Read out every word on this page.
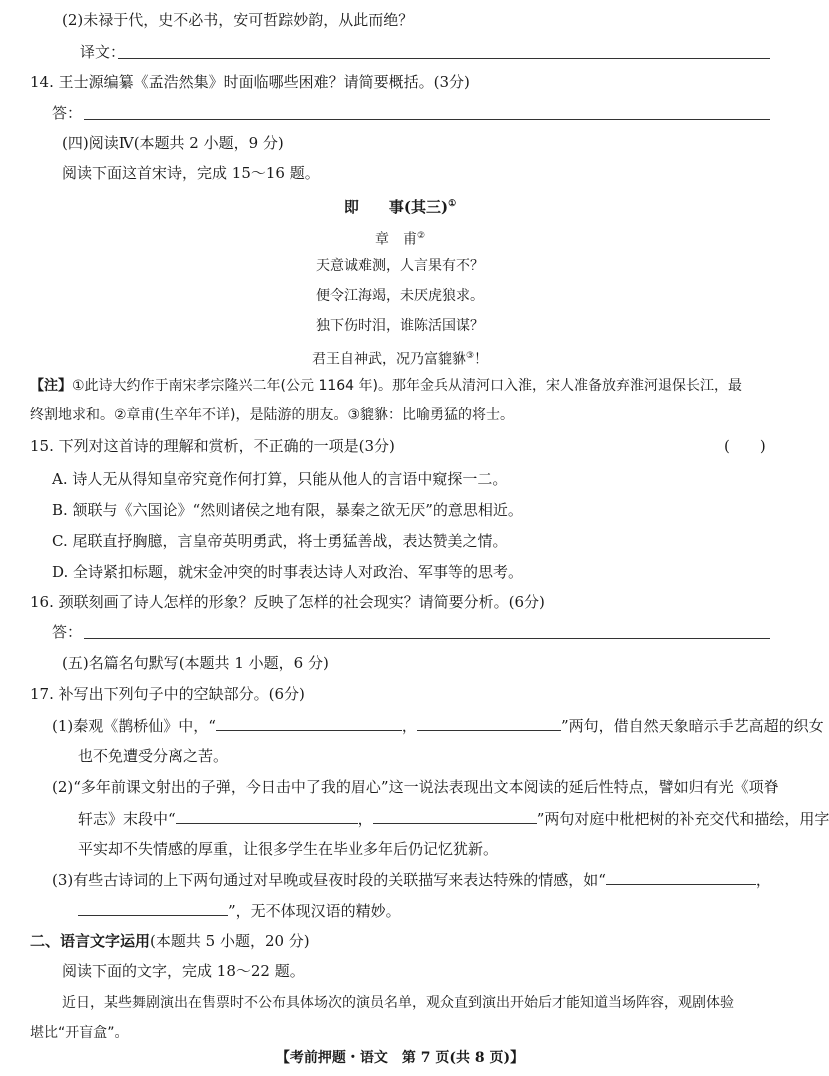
(2)未禄于代，史不必书，安可哲踪妙韵，从此而绝？
译文：
14. 王士源编纂《孟浩然集》时面临哪些困难？请简要概括。(3分)
答：
(四)阅读Ⅳ(本题共 2 小题，9 分)
阅读下面这首宋诗，完成 15～16 题。
即　　事(其三)①
章　甫②
天意诚难测，人言果有不？
便令江海竭，未厌虎狼求。
独下伤时泪，谁陈活国谋？
君王自神武，况乃富貔貅③！
【注】①此诗大约作于南宋孝宗隆兴二年(公元 1164 年)。那年金兵从清河口入淮，宋人准备放弃淮河退保长江，最
终割地求和。②章甫(生卒年不详)，是陆游的朋友。③貔貅：比喻勇猛的将士。
15. 下列对这首诗的理解和赏析，不正确的一项是(3分)	(　　)
A. 诗人无从得知皇帝究竟作何打算，只能从他人的言语中窥探一二。
B. 颔联与《六国论》“然则诸侯之地有限，暴秦之欲无厌”的意思相近。
C. 尾联直抒胸臆，言皇帝英明勇武，将士勇猛善战，表达赞美之情。
D. 全诗紧扣标题，就宋金冲突的时事表达诗人对政治、军事等的思考。
16. 颈联刻画了诗人怎样的形象？反映了怎样的社会现实？请简要分析。(6分)
答：
(五)名篇名句默写(本题共 1 小题，6 分)
17. 补写出下列句子中的空缺部分。(6分)
(1)秦观《鹊桥仙》中，“	，	”两句，借自然天象暗示手艺高超的织女
也不免遭受分离之苦。
(2)“多年前课文射出的子弹，今日击中了我的眉心”这一说法表现出文本阅读的延后性特点，譬如归有光《项脊
轩志》末段中“	，	”两句对庭中枇杷树的补充交代和描绘，用字
平实却不失情感的厚重，让很多学生在毕业多年后仍记忆犹新。
(3)有些古诗词的上下两句通过对早晚或昼夜时段的关联描写来表达特殊的情感，如“	，
”，无不体现汉语的精妙。
二、语言文字运用(本题共 5 小题，20 分)
阅读下面的文字，完成 18～22 题。
近日，某些舞剧演出在售票时不公布具体场次的演员名单，观众直到演出开始后才能知道当场阵容，观剧体验
堪比“开盲盒”。
【考前押题・语文　第 7 页(共 8 页)】
